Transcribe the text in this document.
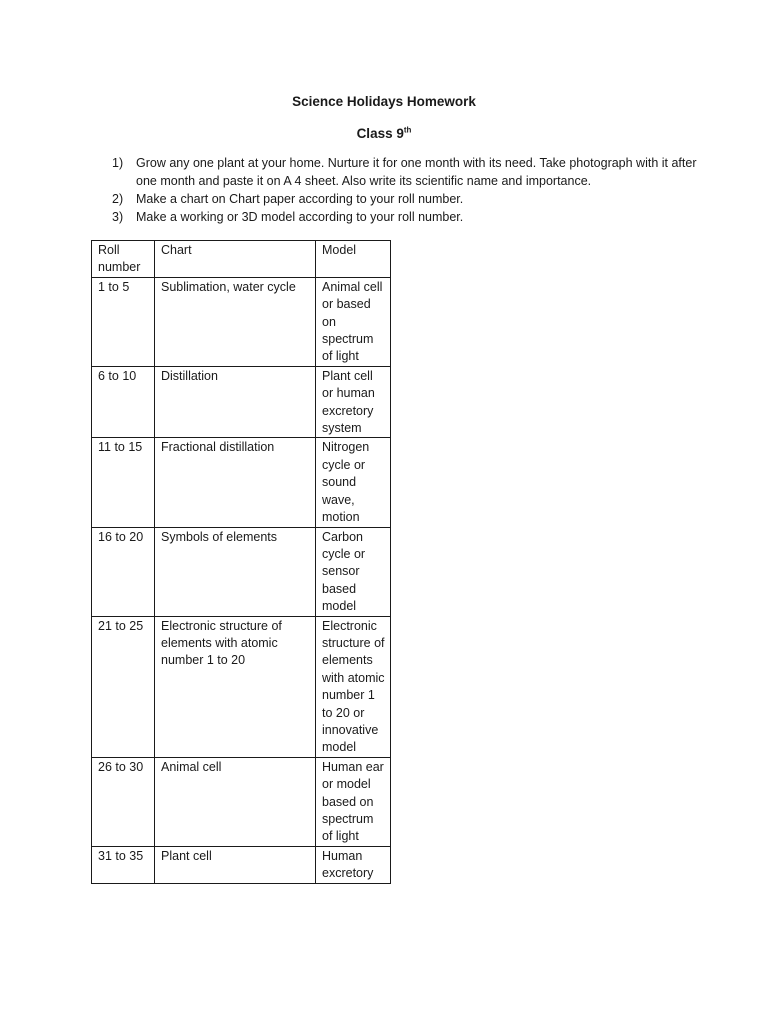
Science Holidays Homework
Class 9th
1) Grow any one plant at your home. Nurture it for one month with its need. Take photograph with it after one month and paste it on A 4 sheet. Also write its scientific name and importance.
2) Make a chart on Chart paper according to your roll number.
3) Make a working or 3D model according to your roll number.
Roll number	Chart	Model
1 to 5	Sublimation, water cycle	Animal cell or based on spectrum of light
6 to 10	Distillation	Plant cell or human excretory system
11 to 15	Fractional distillation	Nitrogen cycle or sound wave, motion
16 to 20	Symbols of elements	Carbon cycle or sensor based model
21 to 25	Electronic structure of elements with atomic number 1 to 20	Electronic structure of elements with atomic number 1 to 20 or innovative model
26 to 30	Animal cell	Human ear or model based on spectrum of light
31 to 35	Plant cell	Human excretory
